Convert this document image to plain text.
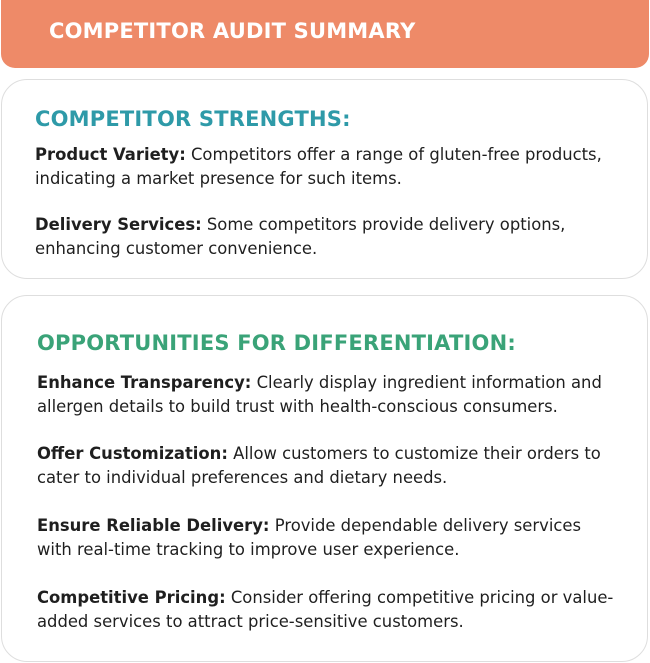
COMPETITOR AUDIT SUMMARY
COMPETITOR STRENGTHS:
Product Variety: Competitors offer a range of gluten-free products, indicating a market presence for such items.
Delivery Services: Some competitors provide delivery options, enhancing customer convenience.
OPPORTUNITIES FOR DIFFERENTIATION:
Enhance Transparency: Clearly display ingredient information and allergen details to build trust with health-conscious consumers.
Offer Customization: Allow customers to customize their orders to cater to individual preferences and dietary needs.
Ensure Reliable Delivery: Provide dependable delivery services with real-time tracking to improve user experience.
Competitive Pricing: Consider offering competitive pricing or value-added services to attract price-sensitive customers.
